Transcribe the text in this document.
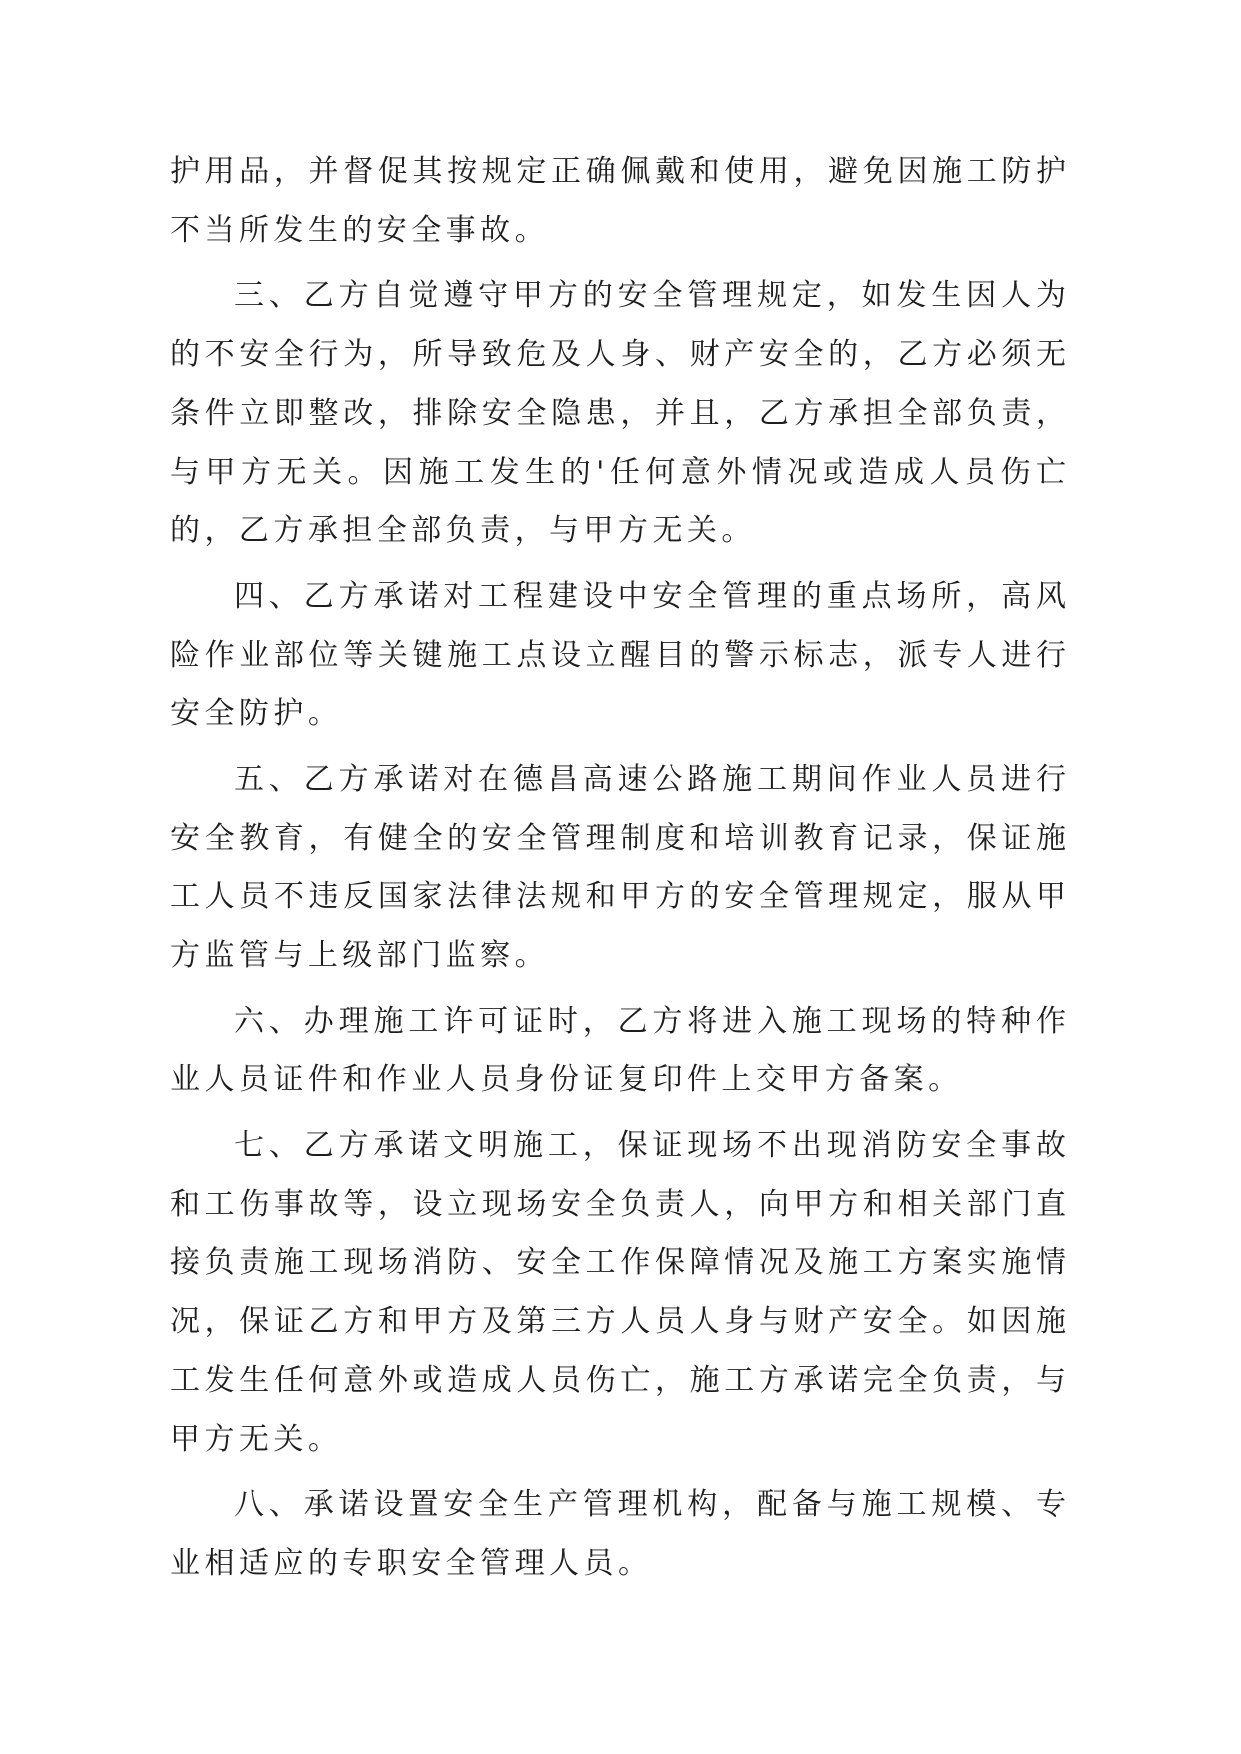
护用品，并督促其按规定正确佩戴和使用，避免因施工防护
不当所发生的安全事故。
三、乙方自觉遵守甲方的安全管理规定，如发生因人为
的不安全行为，所导致危及人身、财产安全的，乙方必须无
条件立即整改，排除安全隐患，并且，乙方承担全部负责，
与甲方无关。因施工发生的'任何意外情况或造成人员伤亡
的，乙方承担全部负责，与甲方无关。
四、乙方承诺对工程建设中安全管理的重点场所，高风
险作业部位等关键施工点设立醒目的警示标志，派专人进行
安全防护。
五、乙方承诺对在德昌高速公路施工期间作业人员进行
安全教育，有健全的安全管理制度和培训教育记录，保证施
工人员不违反国家法律法规和甲方的安全管理规定，服从甲
方监管与上级部门监察。
六、办理施工许可证时，乙方将进入施工现场的特种作
业人员证件和作业人员身份证复印件上交甲方备案。
七、乙方承诺文明施工，保证现场不出现消防安全事故
和工伤事故等，设立现场安全负责人，向甲方和相关部门直
接负责施工现场消防、安全工作保障情况及施工方案实施情
况，保证乙方和甲方及第三方人员人身与财产安全。如因施
工发生任何意外或造成人员伤亡，施工方承诺完全负责，与
甲方无关。
八、承诺设置安全生产管理机构，配备与施工规模、专
业相适应的专职安全管理人员。
